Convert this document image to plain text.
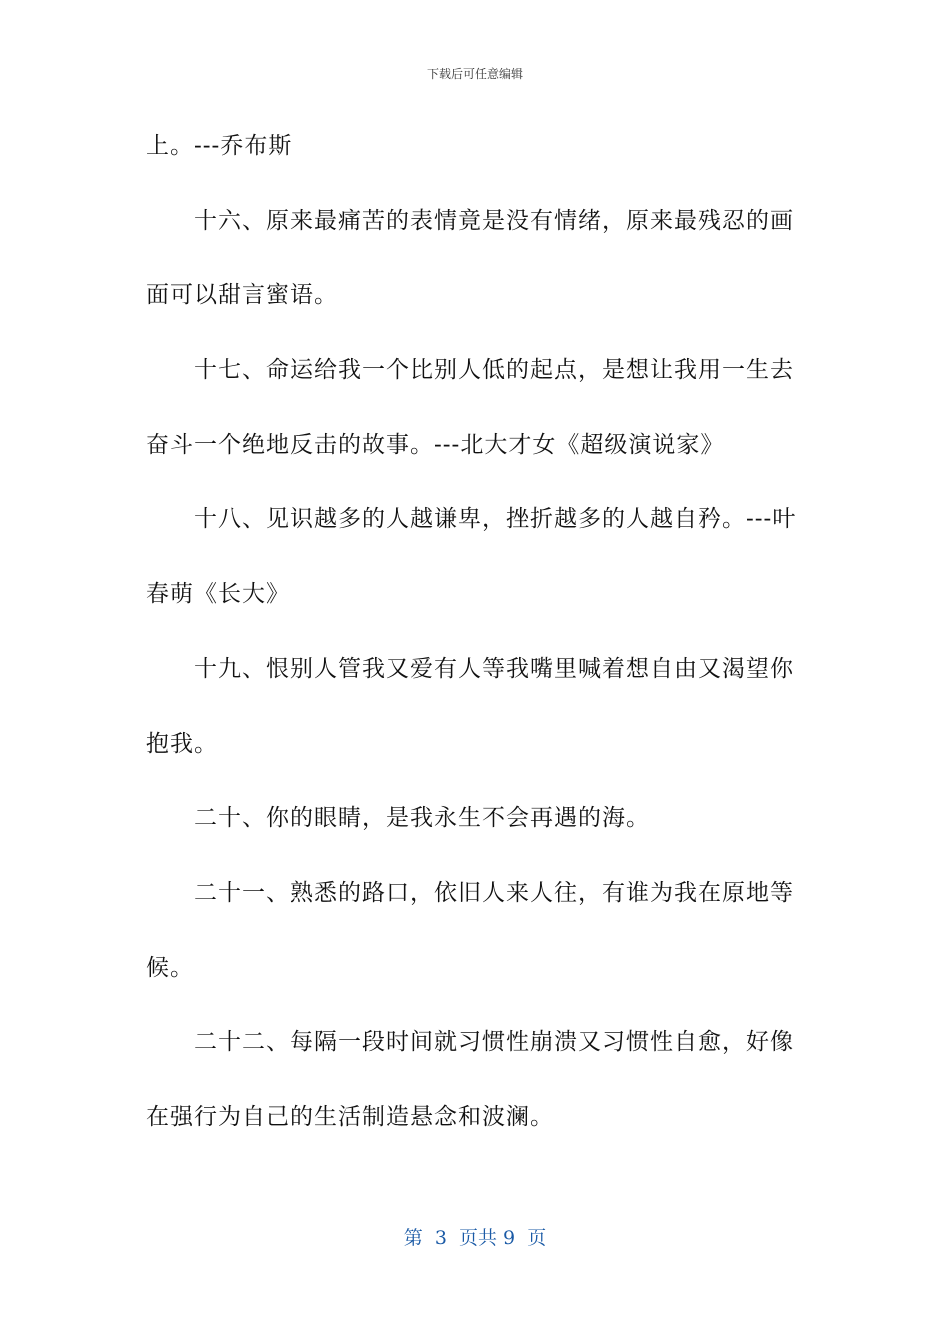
下载后可任意编辑
上。---乔布斯
十六、原来最痛苦的表情竟是没有情绪，原来最残忍的画
面可以甜言蜜语。
十七、命运给我一个比别人低的起点，是想让我用一生去
奋斗一个绝地反击的故事。---北大才女《超级演说家》
十八、见识越多的人越谦卑，挫折越多的人越自矜。---叶
春萌《长大》
十九、恨别人管我又爱有人等我嘴里喊着想自由又渴望你
抱我。
二十、你的眼睛，是我永生不会再遇的海。
二十一、熟悉的路口，依旧人来人往，有谁为我在原地等
候。
二十二、每隔一段时间就习惯性崩溃又习惯性自愈，好像
在强行为自己的生活制造悬念和波澜。
第  3  页共 9  页
